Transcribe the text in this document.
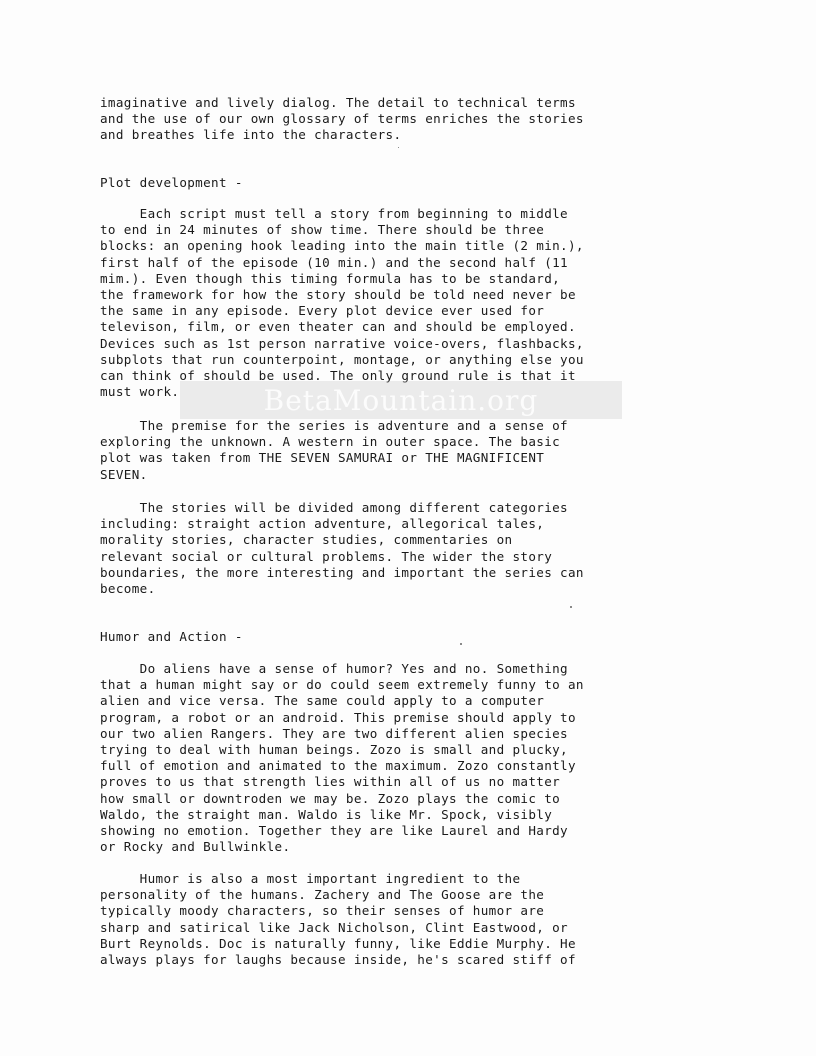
imaginative and lively dialog. The detail to technical terms
and the use of our own glossary of terms enriches the stories
and breathes life into the characters.
Plot development -
Each script must tell a story from beginning to middle
to end in 24 minutes of show time. There should be three
blocks: an opening hook leading into the main title (2 min.),
first half of the episode (10 min.) and the second half (11
mim.). Even though this timing formula has to be standard,
the framework for how the story should be told need never be
the same in any episode. Every plot device ever used for
televison, film, or even theater can and should be employed.
Devices such as 1st person narrative voice-overs, flashbacks,
subplots that run counterpoint, montage, or anything else you
can think of should be used. The only ground rule is that it
must work.
The premise for the series is adventure and a sense of
exploring the unknown. A western in outer space. The basic
plot was taken from THE SEVEN SAMURAI or THE MAGNIFICENT
SEVEN.
The stories will be divided among different categories
including: straight action adventure, allegorical tales,
morality stories, character studies, commentaries on
relevant social or cultural problems. The wider the story
boundaries, the more interesting and important the series can
become.
Humor and Action -
Do aliens have a sense of humor? Yes and no. Something
that a human might say or do could seem extremely funny to an
alien and vice versa. The same could apply to a computer
program, a robot or an android. This premise should apply to
our two alien Rangers. They are two different alien species
trying to deal with human beings. Zozo is small and plucky,
full of emotion and animated to the maximum. Zozo constantly
proves to us that strength lies within all of us no matter
how small or downtroden we may be. Zozo plays the comic to
Waldo, the straight man. Waldo is like Mr. Spock, visibly
showing no emotion. Together they are like Laurel and Hardy
or Rocky and Bullwinkle.
Humor is also a most important ingredient to the
personality of the humans. Zachery and The Goose are the
typically moody characters, so their senses of humor are
sharp and satirical like Jack Nicholson, Clint Eastwood, or
Burt Reynolds. Doc is naturally funny, like Eddie Murphy. He
always plays for laughs because inside, he's scared stiff of
BetaMountain.org
